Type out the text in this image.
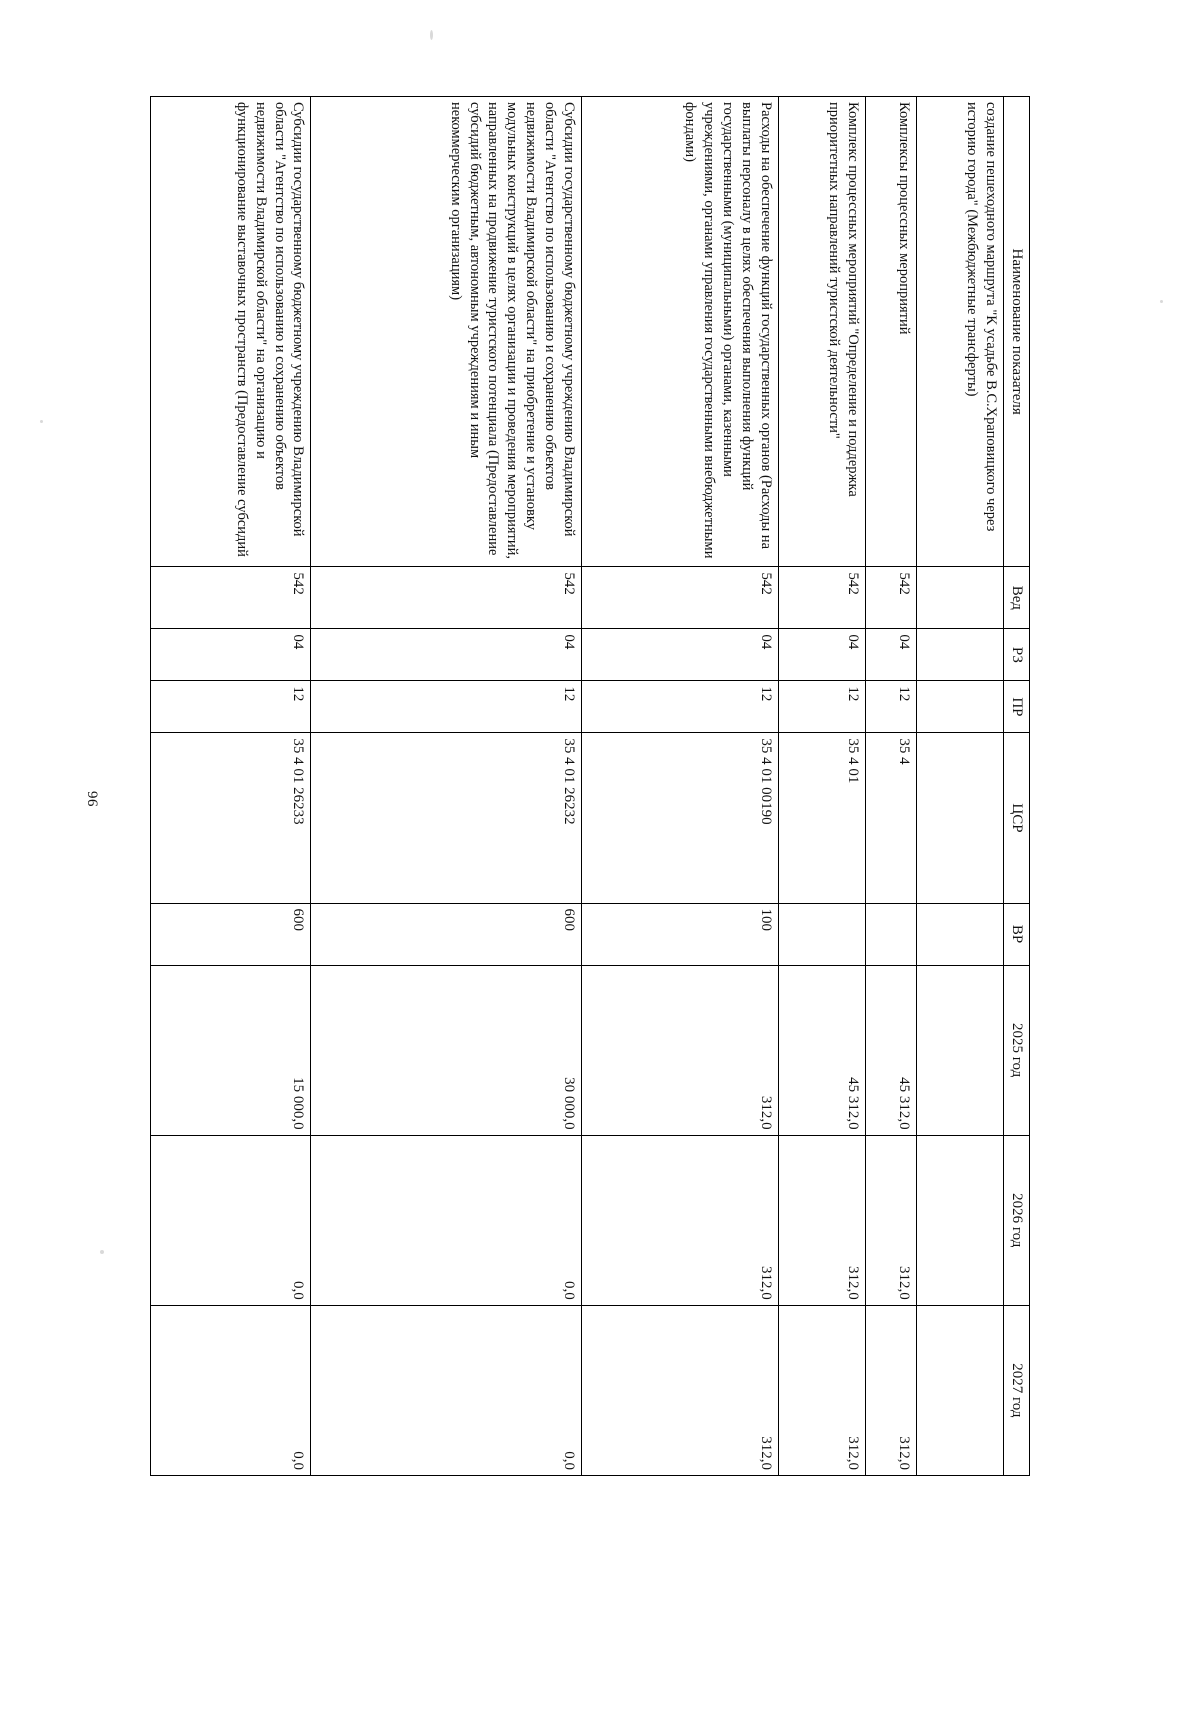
96
Наименование показателя	Вед	РЗ	ПР	ЦСР	ВР	2025 год	2026 год	2027 год
создание пешеходного маршрута "К усадьбе В.С.Храповицкого через историю города" (Межбюджетные трансферты)								
Комплексы процессных мероприятий	542	04	12	35 4		45 312,0	312,0	312,0
Комплекс процессных мероприятий "Определение и поддержка приоритетных направлений туристской деятельности"	542	04	12	35 4 01		45 312,0	312,0	312,0
Расходы на обеспечение функций государственных органов (Расходы на выплаты персоналу в целях обеспечения выполнения функций государственными (муниципальными) органами, казенными учреждениями, органами управления государственными внебюджетными фондами)	542	04	12	35 4 01 00190	100	312,0	312,0	312,0
Субсидии государственному бюджетному учреждению Владимирской области "Агентство по использованию и сохранению объектов недвижимости Владимирской области" на приобретение и установку модульных конструкций в целях организации и проведения мероприятий, направленных на продвижение туристского потенциала (Предоставление субсидий бюджетным, автономным учреждениям и иным некоммерческим организациям)	542	04	12	35 4 01 26232	600	30 000,0	0,0	0,0
Субсидии государственному бюджетному учреждению Владимирской области "Агентство по использованию и сохранению объектов недвижимости Владимирской области" на организацию и функционирование выставочных пространств (Предоставление субсидий	542	04	12	35 4 01 26233	600	15 000,0	0,0	0,0
